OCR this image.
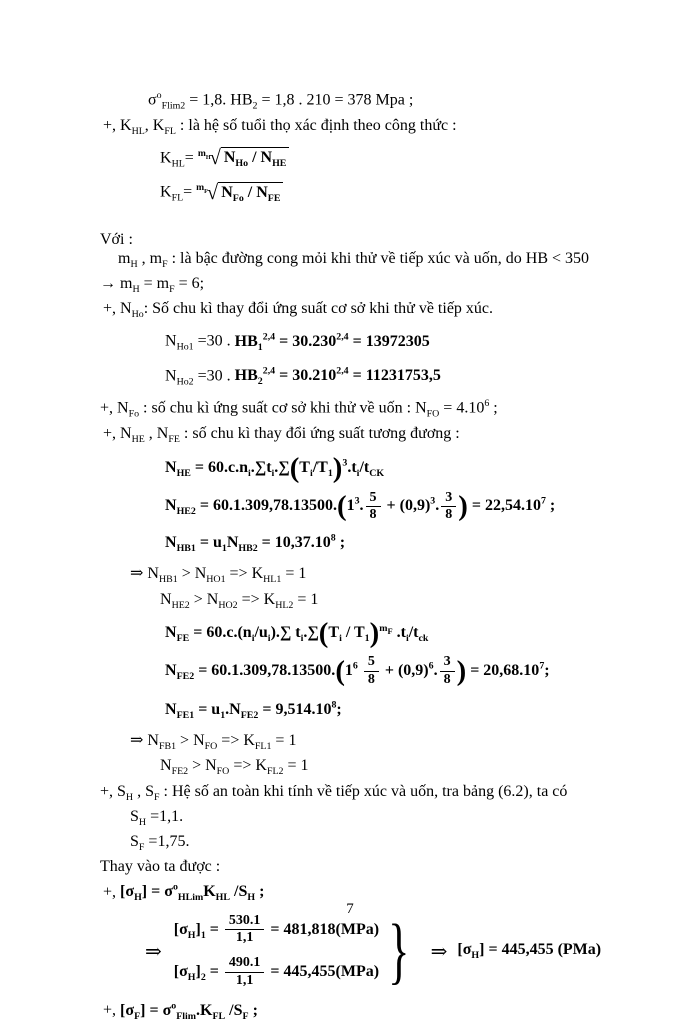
$\sigma^o_{Flim2} = 1,8$. $HB_2 = 1,8$ . 210 = 378 Mpa ;
+, $K_{HL}$, $K_{FL}$ : là hệ số tuổi thọ xác định theo công thức :
$K_{HL}= ^{m_H}√$ $N_{Ho} / N_{HE}$
$K_{FL}= ^{m_F}√$ $N_{Fo} / N_{FE}$
Với :
$m_H$ , $m_F$ : là bậc đường cong mỏi khi thử về tiếp xúc và uốn, do HB < 350
→ $m_H = m_F = 6$;
+, $N_{Ho}$: Số chu kì thay đổi ứng suất cơ sở khi thử về tiếp xúc.
$N_{Ho1} =30$ . $HB_1^{2,4} = 30.230^{2,4} = 13972305$
$N_{Ho2} =30$ . $HB_2^{2,4} = 30.210^{2,4} = 11231753,5$
+, $N_{Fo}$ : số chu kì ứng suất cơ sở khi thử về uốn : $N_{FO} = 4.10^6$ ;
+, $N_{HE}$ , $N_{FE}$ : số chu kì thay đổi ứng suất tương đương :
$N_{HE} = 60.c.n_i.\sum t_i.\sum(T_i/T_1)^3.t_i/t_{CK}$
$N_{HE2} = 60.1.309,78.13500.(1^3$. $\frac{5}{8} + (0,9)^3$. $\frac{3}{8}$ ) = $22,54.10^7$ ;
$N_{HB1} = u_1N_{HB2} = 10,37.10^8$ ;
⇒ $N_{HB1} > N_{HO1} => K_{HL1} = 1$
$N_{HE2} > N_{HO2} => K_{HL2} = 1$
$N_{FE} = 60.c.(n_i/u_i).\sum$ $t_i.\sum(T_i / T_1)^{m_F}$ $.t_i/t_{ck}$
$N_{FE2} = 60.1.309,78.13500.(1^6 \frac{5}{8} + (0,9)^6$. $\frac{3}{8}$ ) = $20,68.10^7$;
$N_{FE1} = u_1.N_{FE2} = 9,514.10^8$;
⇒ $N_{FB1} > N_{FO} => K_{FL1} = 1$
$N_{FE2} > N_{FO} => K_{FL2} = 1$
+, $S_H$ , $S_F$ : Hệ số an toàn khi tính về tiếp xúc và uốn, tra bảng (6.2), ta có
$S_H =1,1$.
$S_F =1,75$.
Thay vào ta được :
+, $[\sigma_H] = \sigma^o_{HLim}K_{HL}$ $/S_H$ ;
⇒
$[\sigma_H]_1 = \frac{530.1}{1,1} = 481,818(MPa)$
$[\sigma_H]_2 = \frac{490.1}{1,1} = 445,455(MPa)$ } ⇒ $[\sigma_H] = 445,455$ (PMa)
+, $[\sigma_F] = \sigma^o_{Flim}.K_{FL}$ $/S_F$ ;
7
